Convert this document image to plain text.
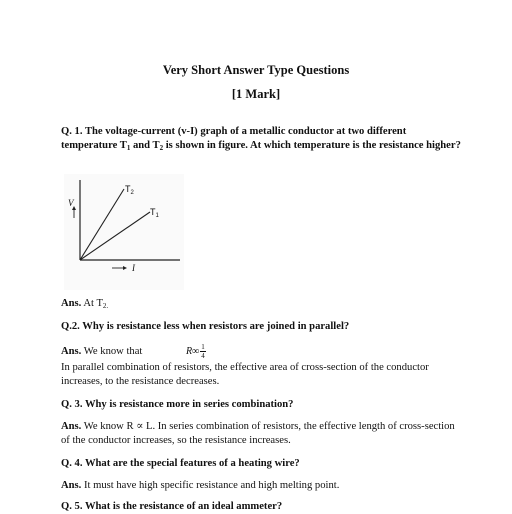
Very Short Answer Type Questions

[1 Mark]

Q. 1. The voltage-current (v-I) graph of a metallic conductor at two different temperature $T_1$ and $T_2$ is shown in figure. At which temperature is the resistance higher?

$T_2$
$T_1$
V
I

Ans. At $T_{2.}$

Q.2. Why is resistance less when resistors are joined in parallel?

Ans. We know that	$R\infty \frac{1}{4}$

In parallel combination of resistors, the effective area of cross-section of the conductor increases, to the resistance decreases.

Q. 3. Why is resistance more in series combination?

Ans. We know R ∝ L. In series combination of resistors, the effective length of cross-section of the conductor increases, so the resistance increases.

Q. 4. What are the special features of a heating wire?

Ans. It must have high specific resistance and high melting point.

Q. 5. What is the resistance of an ideal ammeter?
